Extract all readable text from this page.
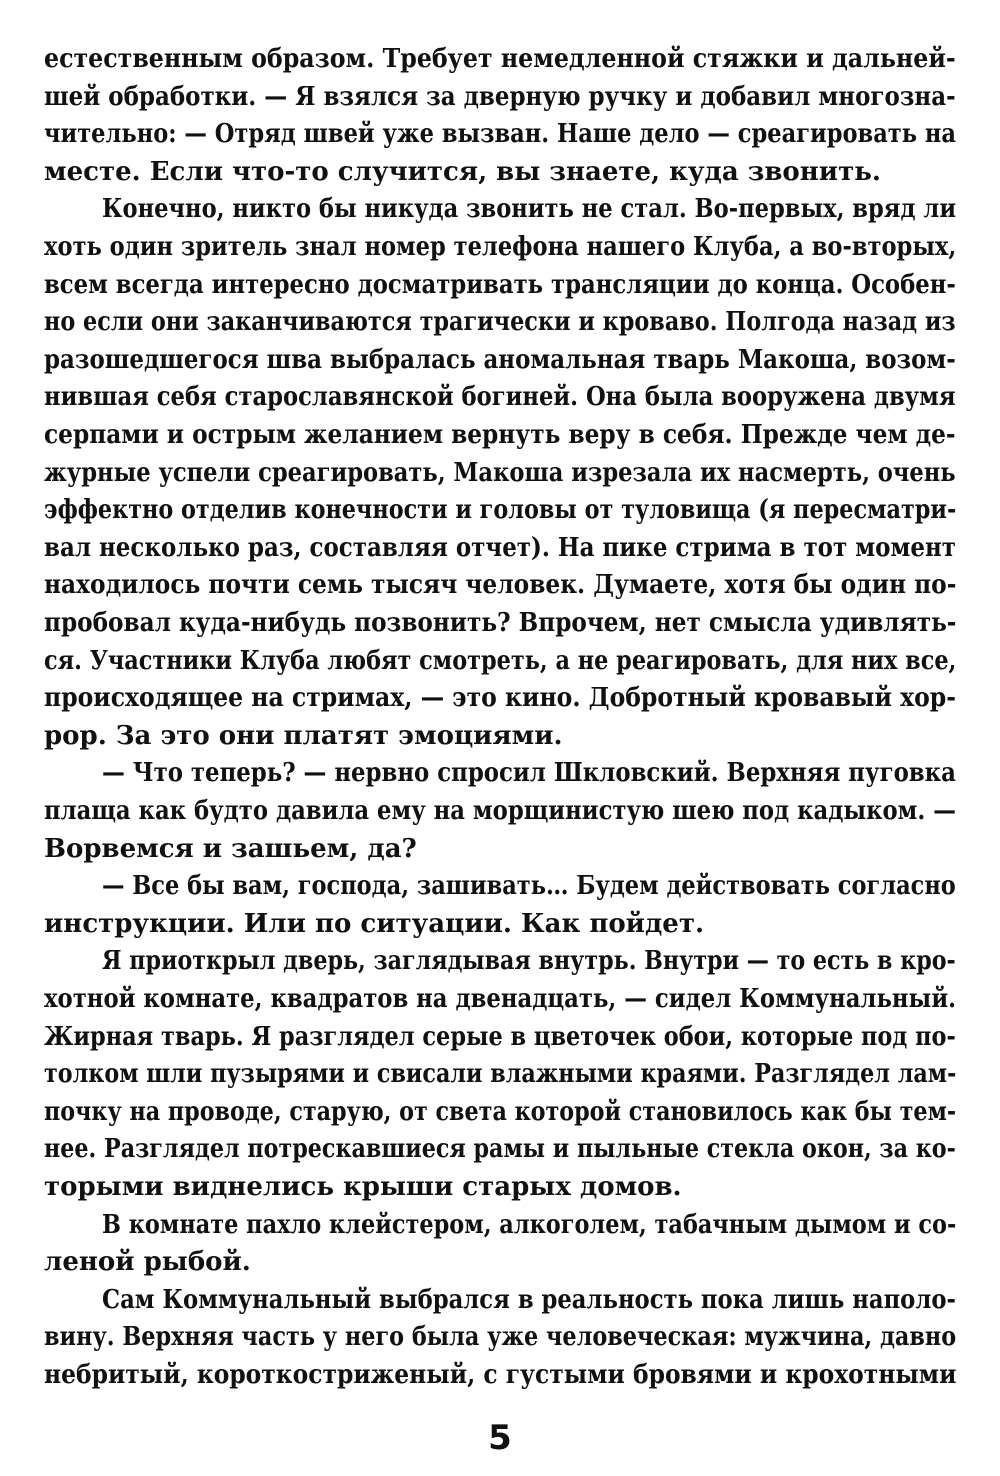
естественным образом. Требует немедленной стяжки и дальней-
шей обработки. — Я взялся за дверную ручку и добавил многозна-
чительно: — Отряд швей уже вызван. Наше дело — среагировать на
месте. Если что-то случится, вы знаете, куда звонить.
Конечно, никто бы никуда звонить не стал. Во-первых, вряд ли
хоть один зритель знал номер телефона нашего Клуба, а во-вторых,
всем всегда интересно досматривать трансляции до конца. Особен-
но если они заканчиваются трагически и кроваво. Полгода назад из
разошедшегося шва выбралась аномальная тварь Макоша, возом-
нившая себя старославянской богиней. Она была вооружена двумя
серпами и острым желанием вернуть веру в себя. Прежде чем де-
журные успели среагировать, Макоша изрезала их насмерть, очень
эффектно отделив конечности и головы от туловища (я пересматри-
вал несколько раз, составляя отчет). На пике стрима в тот момент
находилось почти семь тысяч человек. Думаете, хотя бы один по-
пробовал куда-нибудь позвонить? Впрочем, нет смысла удивлять-
ся. Участники Клуба любят смотреть, а не реагировать, для них все,
происходящее на стримах, — это кино. Добротный кровавый хор-
рор. За это они платят эмоциями.
— Что теперь? — нервно спросил Шкловский. Верхняя пуговка
плаща как будто давила ему на морщинистую шею под кадыком. —
Ворвемся и зашьем, да?
— Все бы вам, господа, зашивать… Будем действовать согласно
инструкции. Или по ситуации. Как пойдет.
Я приоткрыл дверь, заглядывая внутрь. Внутри — то есть в кро-
хотной комнате, квадратов на двенадцать, — сидел Коммунальный.
Жирная тварь. Я разглядел серые в цветочек обои, которые под по-
толком шли пузырями и свисали влажными краями. Разглядел лам-
почку на проводе, старую, от света которой становилось как бы тем-
нее. Разглядел потрескавшиеся рамы и пыльные стекла окон, за ко-
торыми виднелись крыши старых домов.
В комнате пахло клейстером, алкоголем, табачным дымом и со-
леной рыбой.
Сам Коммунальный выбрался в реальность пока лишь наполо-
вину. Верхняя часть у него была уже человеческая: мужчина, давно
небритый, короткостриженый, с густыми бровями и крохотными
5
